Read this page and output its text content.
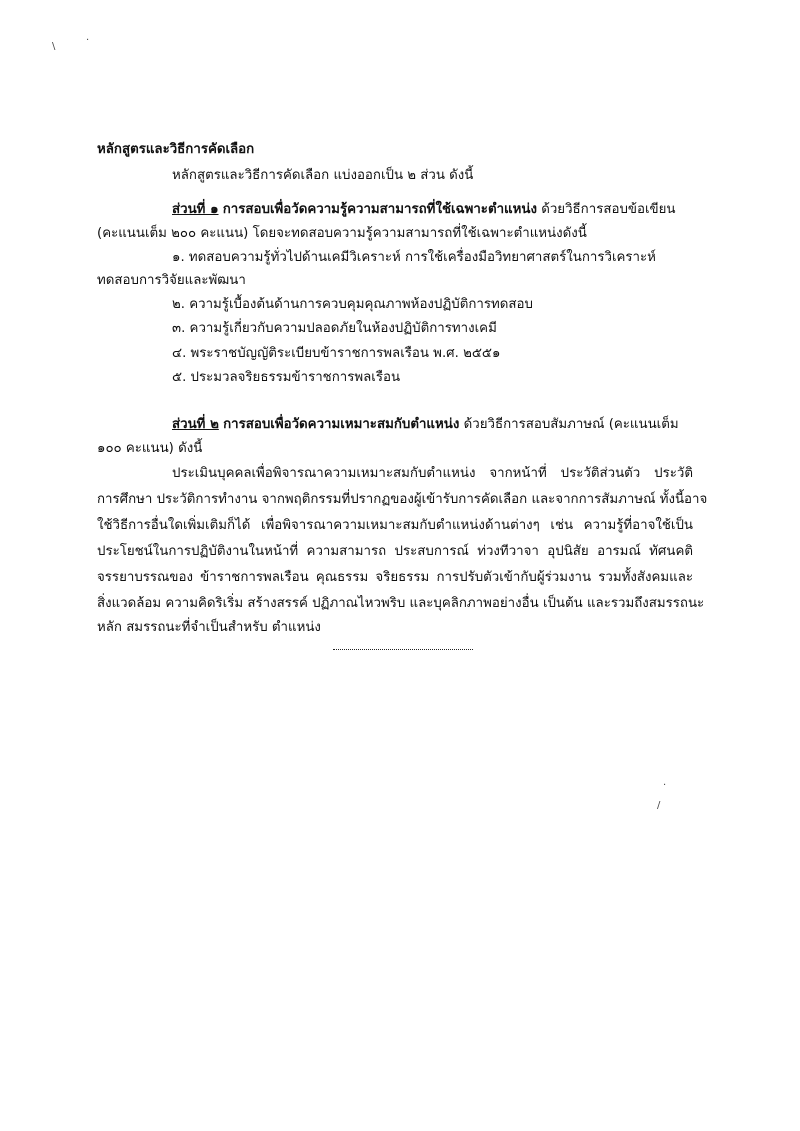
\
·
·
/
หลักสูตรและวิธีการคัดเลือก
หลักสูตรและวิธีการคัดเลือก แบ่งออกเป็น ๒ ส่วน ดังนี้
ส่วนที่ ๑ การสอบเพื่อวัดความรู้ความสามารถที่ใช้เฉพาะตำแหน่ง ด้วยวิธีการสอบข้อเขียน
(คะแนนเต็ม ๒๐๐ คะแนน) โดยจะทดสอบความรู้ความสามารถที่ใช้เฉพาะตำแหน่งดังนี้
๑. ทดสอบความรู้ทั่วไปด้านเคมีวิเคราะห์ การใช้เครื่องมือวิทยาศาสตร์ในการวิเคราะห์
ทดสอบการวิจัยและพัฒนา
๒. ความรู้เบื้องต้นด้านการควบคุมคุณภาพห้องปฏิบัติการทดสอบ
๓. ความรู้เกี่ยวกับความปลอดภัยในห้องปฏิบัติการทางเคมี
๔. พระราชบัญญัติระเบียบข้าราชการพลเรือน พ.ศ. ๒๕๕๑
๕. ประมวลจริยธรรมข้าราชการพลเรือน
ส่วนที่ ๒ การสอบเพื่อวัดความเหมาะสมกับตำแหน่ง ด้วยวิธีการสอบสัมภาษณ์ (คะแนนเต็ม
๑๐๐ คะแนน) ดังนี้
ประเมินบุคคลเพื่อพิจารณาความเหมาะสมกับตำแหน่ง จากหน้าที่ ประวัติส่วนตัว ประวัติ
การศึกษา ประวัติการทำงาน จากพฤติกรรมที่ปรากฏของผู้เข้ารับการคัดเลือก และจากการสัมภาษณ์ ทั้งนี้อาจ
ใช้วิธีการอื่นใดเพิ่มเติมก็ได้ เพื่อพิจารณาความเหมาะสมกับตำแหน่งด้านต่างๆ เช่น ความรู้ที่อาจใช้เป็น
ประโยชน์ในการปฏิบัติงานในหน้าที่ ความสามารถ ประสบการณ์ ท่วงทีวาจา อุปนิสัย อารมณ์ ทัศนคติ
จรรยาบรรณของ ข้าราชการพลเรือน คุณธรรม จริยธรรม การปรับตัวเข้ากับผู้ร่วมงาน รวมทั้งสังคมและ
สิ่งแวดล้อม ความคิดริเริ่ม สร้างสรรค์ ปฏิภาณไหวพริบ และบุคลิกภาพอย่างอื่น เป็นต้น และรวมถึงสมรรถนะ
หลัก สมรรถนะที่จำเป็นสำหรับ ตำแหน่ง
